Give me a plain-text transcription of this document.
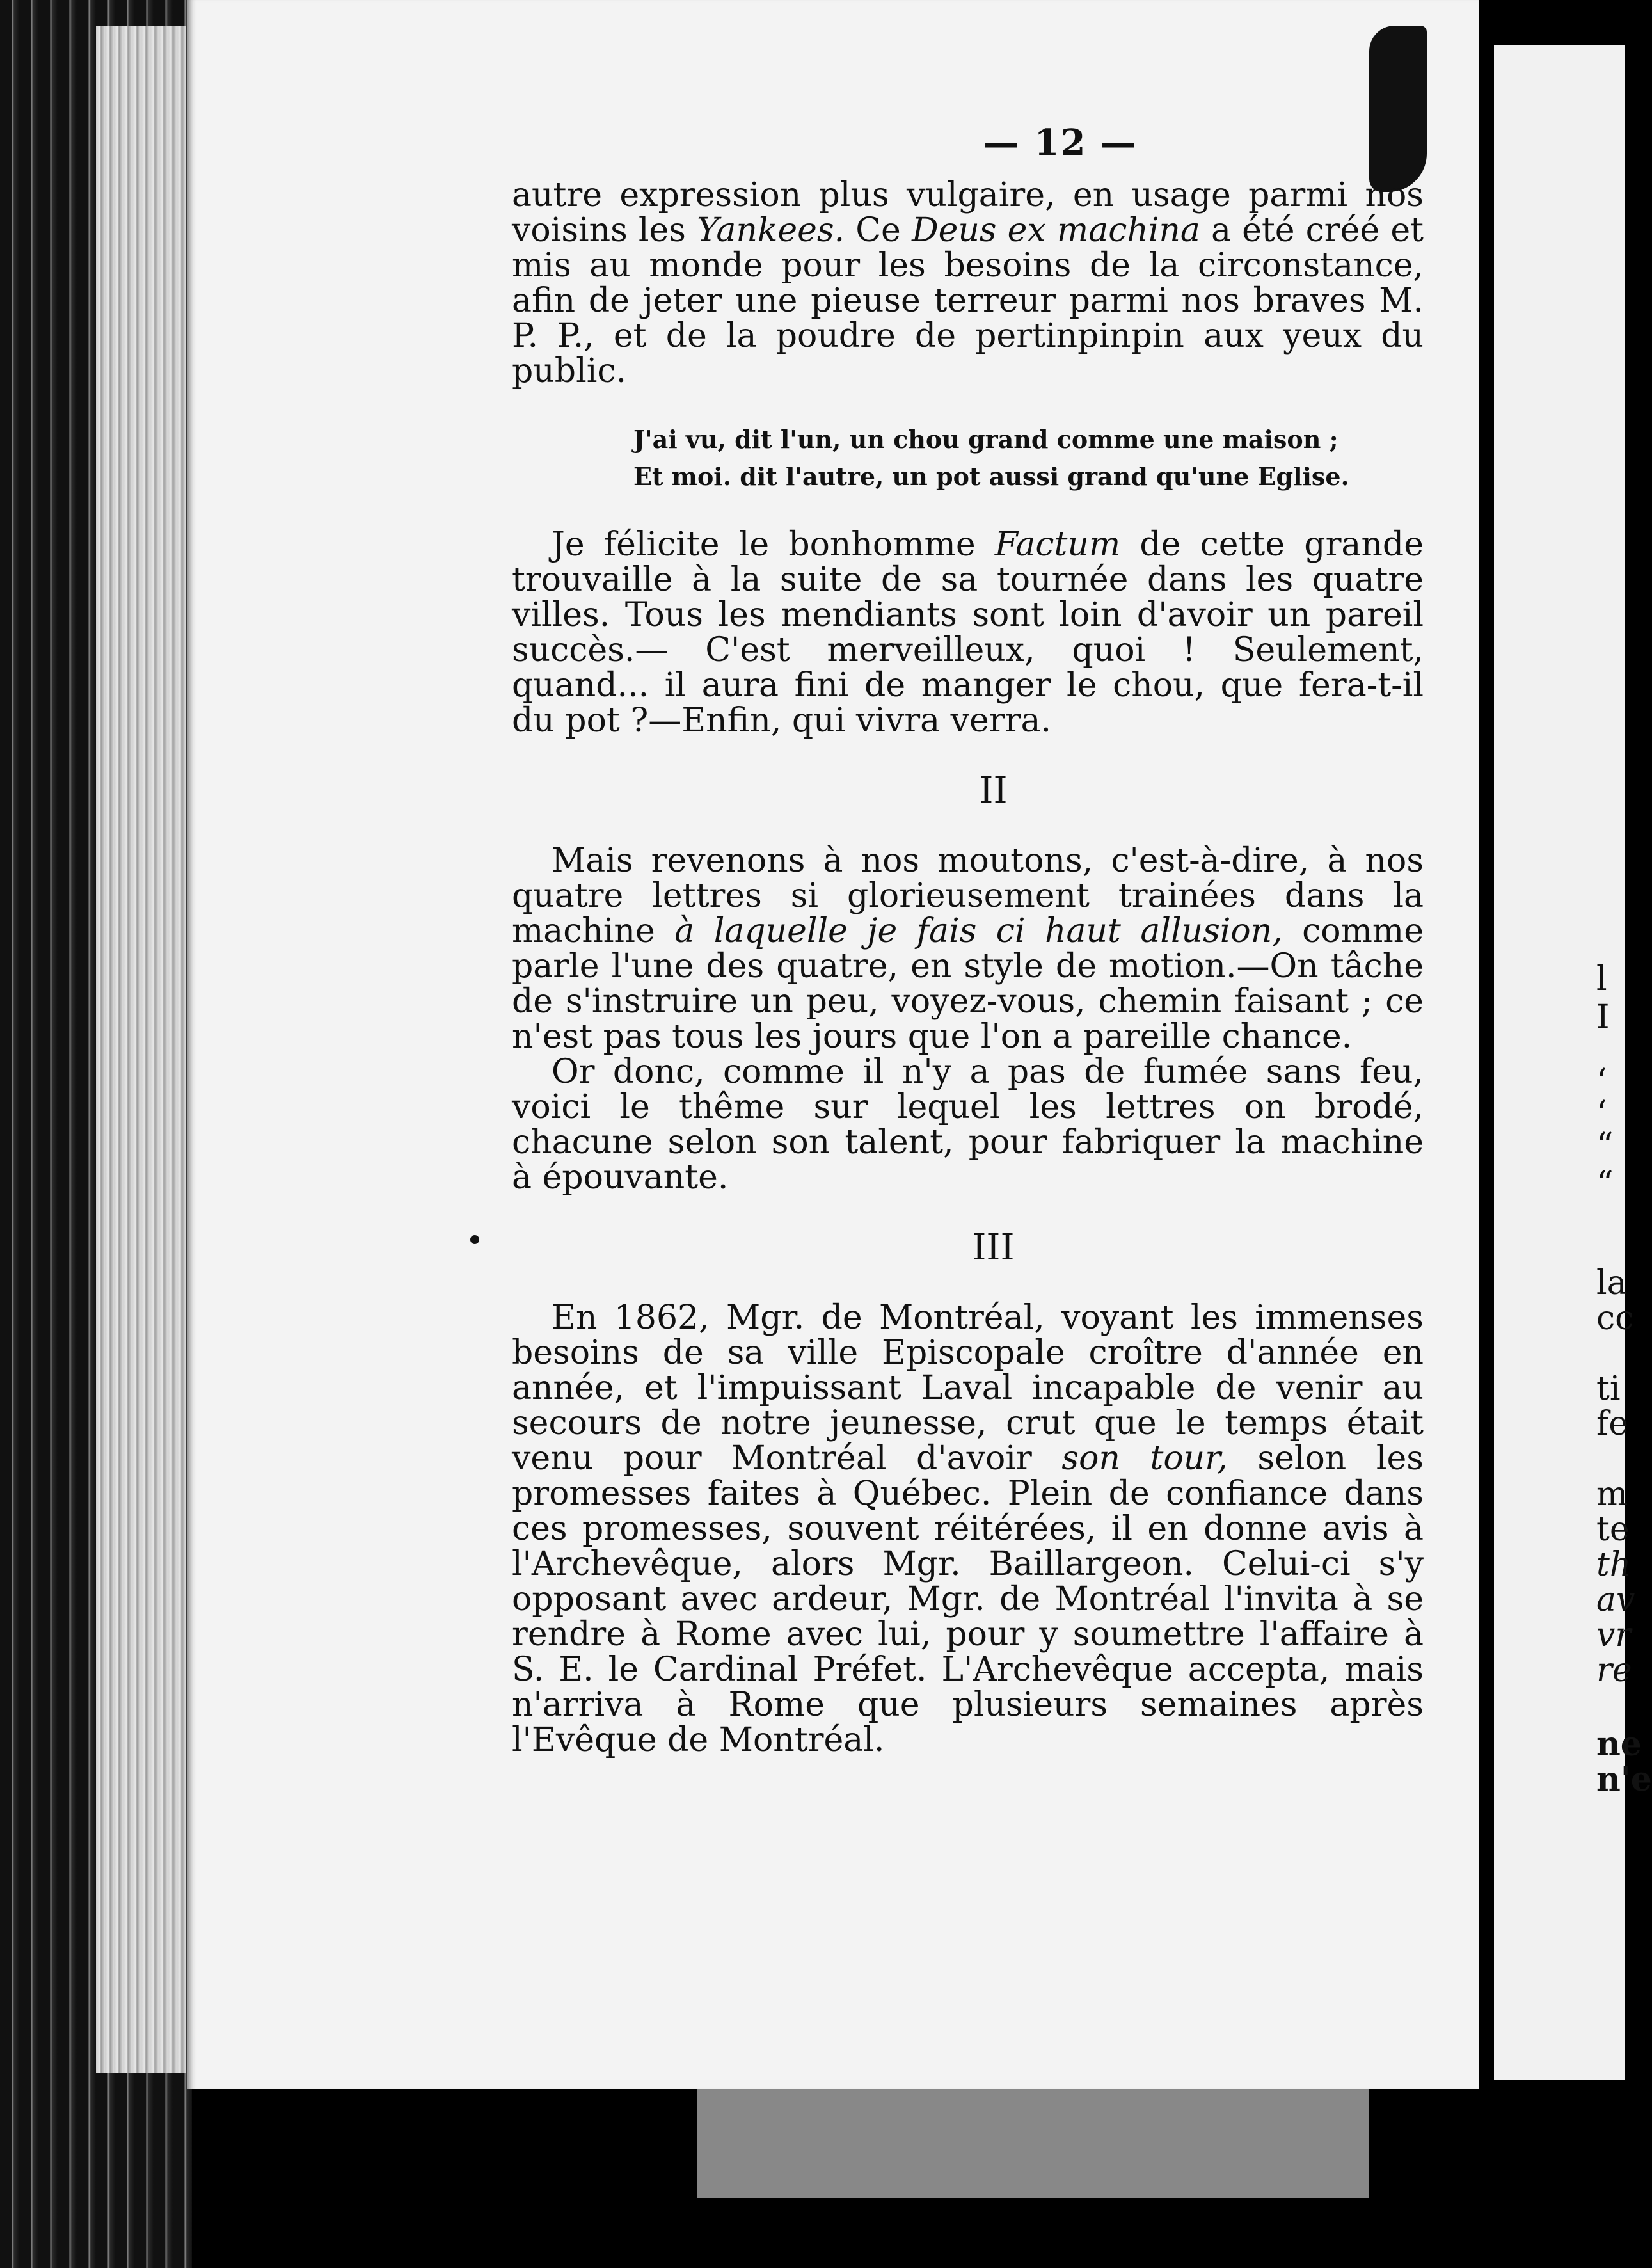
l
I
‘
‘
“
“
la
cc
ti
fe
m
te
th
av
vr
re
ne
n'e
— 12 —

autre expression plus vulgaire, en usage parmi nos voisins les Yankees. Ce Deus ex machina a été créé et mis au monde pour les besoins de la circonstance, afin de jeter une pieuse terreur parmi nos braves M. P. P., et de la poudre de pertinpinpin aux yeux du public.

J'ai vu, dit l'un, un chou grand comme une maison ;
Et moi. dit l'autre, un pot aussi grand qu'une Eglise.

Je félicite le bonhomme Factum de cette grande trouvaille à la suite de sa tournée dans les quatre villes. Tous les mendiants sont loin d'avoir un pareil succès.— C'est merveilleux, quoi ! Seulement, quand... il aura fini de manger le chou, que fera-t-il du pot ?—Enfin, qui vivra verra.

II

Mais revenons à nos moutons, c'est-à-dire, à nos quatre lettres si glorieusement trainées dans la machine à laquelle je fais ci haut allusion, comme parle l'une des quatre, en style de motion.—On tâche de s'instruire un peu, voyez-vous, chemin faisant ; ce n'est pas tous les jours que l'on a pareille chance.

Or donc, comme il n'y a pas de fumée sans feu, voici le thême sur lequel les lettres on brodé, chacune selon son talent, pour fabriquer la machine à épouvante.

III

En 1862, Mgr. de Montréal, voyant les immenses besoins de sa ville Episcopale croître d'année en année, et l'impuissant Laval incapable de venir au secours de notre jeunesse, crut que le temps était venu pour Montréal d'avoir son tour, selon les promesses faites à Québec. Plein de confiance dans ces promesses, souvent réitérées, il en donne avis à l'Archevêque, alors Mgr. Baillargeon. Celui-ci s'y opposant avec ardeur, Mgr. de Montréal l'invita à se rendre à Rome avec lui, pour y soumettre l'affaire à S. E. le Cardinal Préfet. L'Archevêque accepta, mais n'arriva à Rome que plusieurs semaines après l'Evêque de Montréal.
